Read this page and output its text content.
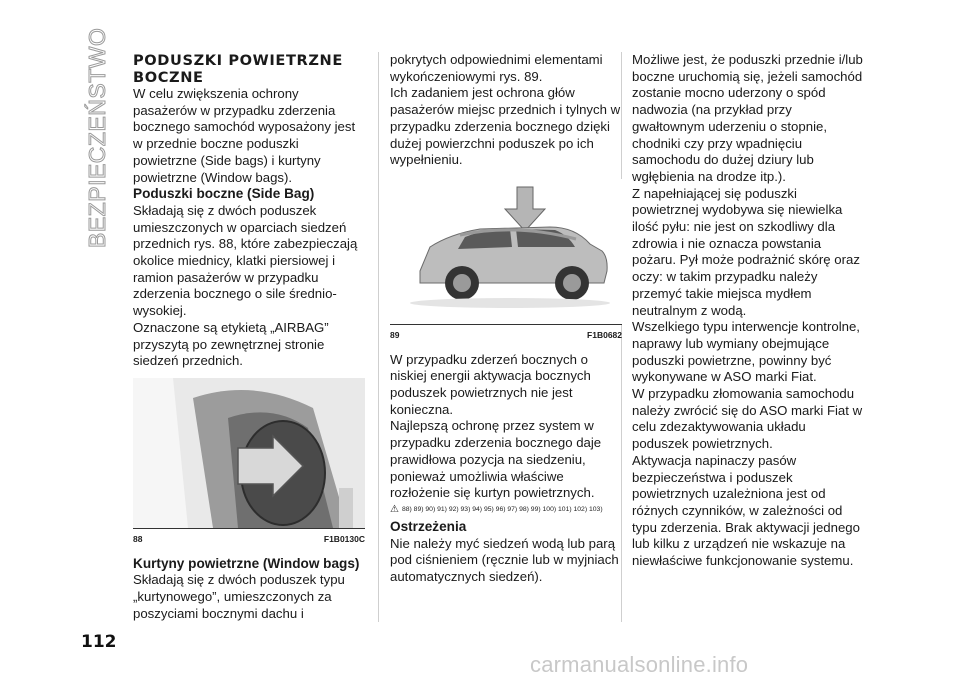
BEZPIECZEŃSTWO PODUSZKI POWIETRZNE BOCZNE

W celu zwiększenia ochrony pasażerów w przypadku zderzenia bocznego samochód wyposażony jest w przednie boczne poduszki powietrzne (Side bags) i kurtyny powietrzne (Window bags).

Poduszki boczne (Side Bag)

Składają się z dwóch poduszek umieszczonych w oparciach siedzeń przednich rys. 88, które zabezpieczają okolice miednicy, klatki piersiowej i ramion pasażerów w przypadku zderzenia bocznego o sile średnio-wysokiej.

Oznaczone są etykietą „AIRBAG” przyszytą po zewnętrznej stronie siedzeń przednich.

88	F1B0130C

Kurtyny powietrzne (Window bags)

Składają się z dwóch poduszek typu „kurtynowego”, umieszczonych za poszyciami bocznymi dachu i

pokrytych odpowiednimi elementami wykończeniowymi rys. 89.

Ich zadaniem jest ochrona głów pasażerów miejsc przednich i tylnych w przypadku zderzenia bocznego dzięki dużej powierzchni poduszek po ich wypełnieniu.

89	F1B0682

W przypadku zderzeń bocznych o niskiej energii aktywacja bocznych poduszek powietrznych nie jest konieczna.

Najlepszą ochronę przez system w przypadku zderzenia bocznego daje prawidłowa pozycja na siedzeniu, ponieważ umożliwia właściwe rozłożenie się kurtyn powietrznych.

⚠ 88) 89) 90) 91) 92) 93) 94) 95) 96) 97) 98) 99) 100) 101) 102) 103)

Ostrzeżenia

Nie należy myć siedzeń wodą lub parą pod ciśnieniem (ręcznie lub w myjniach automatycznych siedzeń).

Możliwe jest, że poduszki przednie i/lub boczne uruchomią się, jeżeli samochód zostanie mocno uderzony o spód nadwozia (na przykład przy gwałtownym uderzeniu o stopnie, chodniki czy przy wpadnięciu samochodu do dużej dziury lub wgłębienia na drodze itp.).

Z napełniającej się poduszki powietrznej wydobywa się niewielka ilość pyłu: nie jest on szkodliwy dla zdrowia i nie oznacza powstania pożaru. Pył może podrażnić skórę oraz oczy: w takim przypadku należy przemyć takie miejsca mydłem neutralnym z wodą.

Wszelkiego typu interwencje kontrolne, naprawy lub wymiany obejmujące poduszki powietrzne, powinny być wykonywane w ASO marki Fiat.

W przypadku złomowania samochodu należy zwrócić się do ASO marki Fiat w celu zdezaktywowania układu poduszek powietrznych.

Aktywacja napinaczy pasów bezpieczeństwa i poduszek powietrznych uzależniona jest od różnych czynników, w zależności od typu zderzenia. Brak aktywacji jednego lub kilku z urządzeń nie wskazuje na niewłaściwe funkcjonowanie systemu.

112
carmanualsonline.info
